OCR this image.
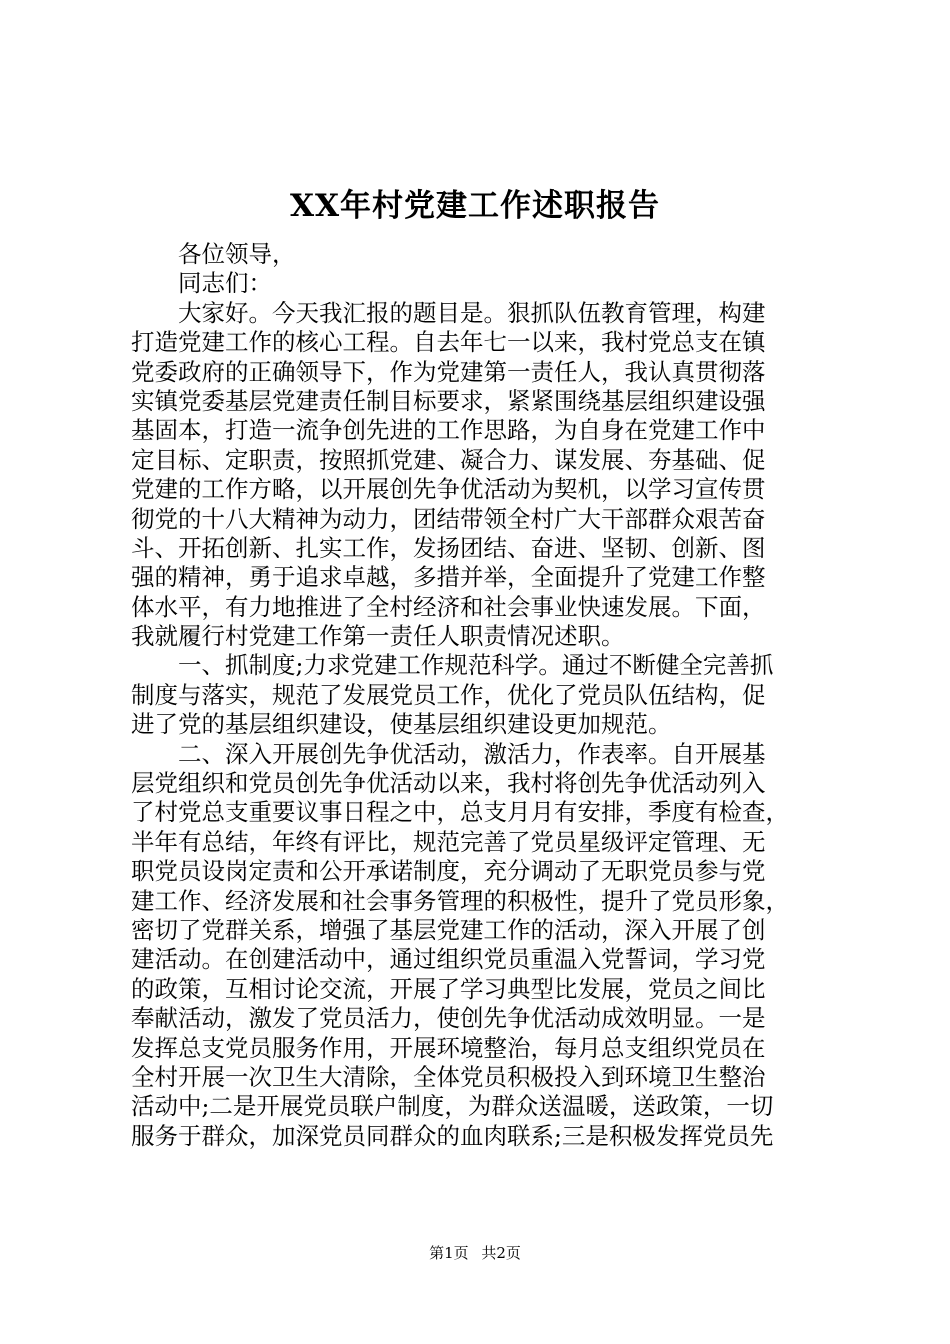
XX年村党建工作述职报告
　　各位领导，
　　同志们：
　　大家好。今天我汇报的题目是。狠抓队伍教育管理，构建
打造党建工作的核心工程。自去年七一以来，我村党总支在镇
党委政府的正确领导下，作为党建第一责任人，我认真贯彻落
实镇党委基层党建责任制目标要求，紧紧围绕基层组织建设强
基固本，打造一流争创先进的工作思路，为自身在党建工作中
定目标、定职责，按照抓党建、凝合力、谋发展、夯基础、促
党建的工作方略，以开展创先争优活动为契机，以学习宣传贯
彻党的十八大精神为动力，团结带领全村广大干部群众艰苦奋
斗、开拓创新、扎实工作，发扬团结、奋进、坚韧、创新、图
强的精神，勇于追求卓越，多措并举，全面提升了党建工作整
体水平，有力地推进了全村经济和社会事业快速发展。下面，
我就履行村党建工作第一责任人职责情况述职。
　　一、抓制度;力求党建工作规范科学。通过不断健全完善抓
制度与落实，规范了发展党员工作，优化了党员队伍结构，促
进了党的基层组织建设，使基层组织建设更加规范。
　　二、深入开展创先争优活动，激活力，作表率。自开展基
层党组织和党员创先争优活动以来，我村将创先争优活动列入
了村党总支重要议事日程之中，总支月月有安排，季度有检查，
半年有总结，年终有评比，规范完善了党员星级评定管理、无
职党员设岗定责和公开承诺制度，充分调动了无职党员参与党
建工作、经济发展和社会事务管理的积极性，提升了党员形象，
密切了党群关系，增强了基层党建工作的活动，深入开展了创
建活动。在创建活动中，通过组织党员重温入党誓词，学习党
的政策，互相讨论交流，开展了学习典型比发展，党员之间比
奉献活动，激发了党员活力，使创先争优活动成效明显。一是
发挥总支党员服务作用，开展环境整治，每月总支组织党员在
全村开展一次卫生大清除，全体党员积极投入到环境卫生整治
活动中;二是开展党员联户制度，为群众送温暖，送政策，一切
服务于群众，加深党员同群众的血肉联系;三是积极发挥党员先
第1页 共2页
